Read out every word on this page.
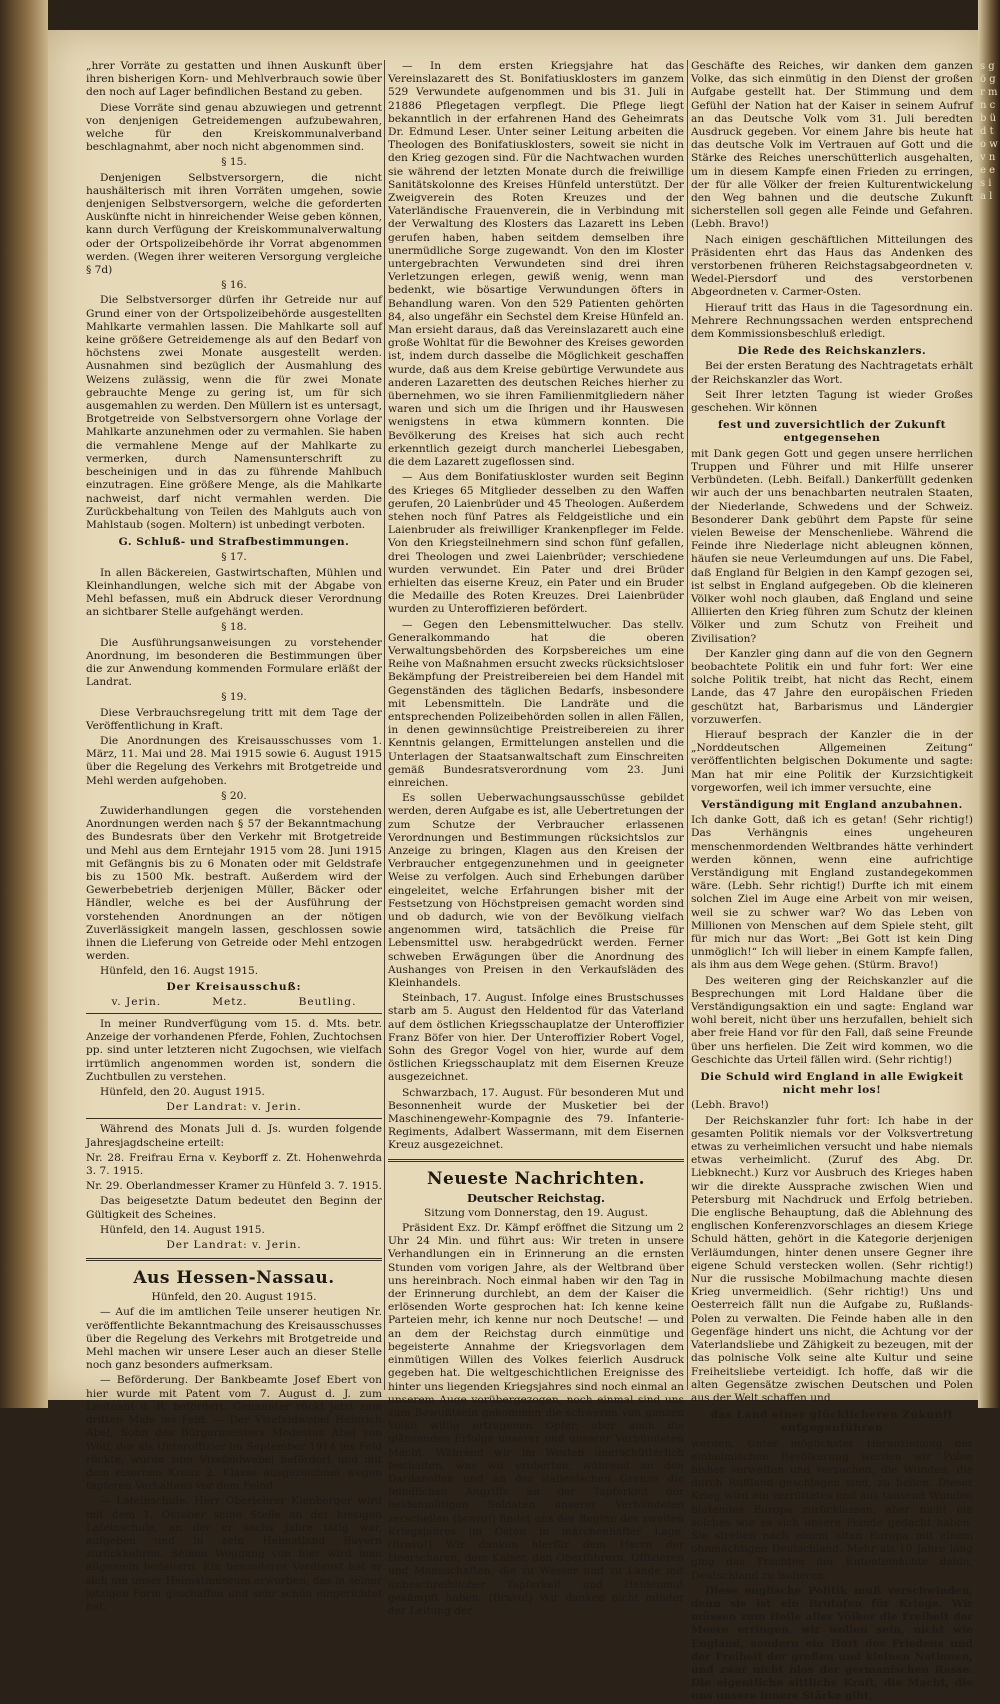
s g ö g r m n c b ü d t o w v n e e s i a l

„hrer Vorräte zu gestatten und ihnen Auskunft über ihren bisherigen Korn- und Mehlverbrauch sowie über den noch auf Lager befindlichen Bestand zu geben.

Diese Vorräte sind genau abzuwiegen und getrennt von denjenigen Getreidemengen aufzubewahren, welche für den Kreiskommunalverband beschlagnahmt, aber noch nicht abgenommen sind.

§ 15.

Denjenigen Selbstversorgern, die nicht haushälterisch mit ihren Vorräten umgehen, sowie denjenigen Selbstversorgern, welche die geforderten Auskünfte nicht in hinreichender Weise geben können, kann durch Verfügung der Kreiskommunalverwaltung oder der Ortspolizeibehörde ihr Vorrat abgenommen werden. (Wegen ihrer weiteren Versorgung vergleiche § 7d)

§ 16.

Die Selbstversorger dürfen ihr Getreide nur auf Grund einer von der Ortspolizeibehörde ausgestellten Mahlkarte vermahlen lassen. Die Mahlkarte soll auf keine größere Getreidemenge als auf den Bedarf von höchstens zwei Monate ausgestellt werden. Ausnahmen sind bezüglich der Ausmahlung des Weizens zulässig, wenn die für zwei Monate gebrauchte Menge zu gering ist, um für sich ausgemahlen zu werden. Den Müllern ist es untersagt, Brotgetreide von Selbstversorgern ohne Vorlage der Mahlkarte anzunehmen oder zu vermahlen. Sie haben die vermahlene Menge auf der Mahlkarte zu vermerken, durch Namensunterschrift zu bescheinigen und in das zu führende Mahlbuch einzutragen. Eine größere Menge, als die Mahlkarte nachweist, darf nicht vermahlen werden. Die Zurückbehaltung von Teilen des Mahlguts auch von Mahlstaub (sogen. Moltern) ist unbedingt verboten.

G. Schluß- und Strafbestimmungen.

§ 17.

In allen Bäckereien, Gastwirtschaften, Mühlen und Kleinhandlungen, welche sich mit der Abgabe von Mehl befassen, muß ein Abdruck dieser Verordnung an sichtbarer Stelle aufgehängt werden.

§ 18.

Die Ausführungsanweisungen zu vorstehender Anordnung, im besonderen die Bestimmungen über die zur Anwendung kommenden Formulare erläßt der Landrat.

§ 19.

Diese Verbrauchsregelung tritt mit dem Tage der Veröffentlichung in Kraft.

Die Anordnungen des Kreisausschusses vom 1. März, 11. Mai und 28. Mai 1915 sowie 6. August 1915 über die Regelung des Verkehrs mit Brotgetreide und Mehl werden aufgehoben.

§ 20.

Zuwiderhandlungen gegen die vorstehenden Anordnungen werden nach § 57 der Bekanntmachung des Bundesrats über den Verkehr mit Brotgetreide und Mehl aus dem Erntejahr 1915 vom 28. Juni 1915 mit Gefängnis bis zu 6 Monaten oder mit Geldstrafe bis zu 1500 Mk. bestraft. Außerdem wird der Gewerbebetrieb derjenigen Müller, Bäcker oder Händler, welche es bei der Ausführung der vorstehenden Anordnungen an der nötigen Zuverlässigkeit mangeln lassen, geschlossen sowie ihnen die Lieferung von Getreide oder Mehl entzogen werden.

Hünfeld, den 16. Augst 1915.

Der Kreisausschuß:
v. Jerin.	Metz.	Beutling.

In meiner Rundverfügung vom 15. d. Mts. betr. Anzeige der vorhandenen Pferde, Fohlen, Zuchtochsen pp. sind unter letzteren nicht Zugochsen, wie vielfach irrtümlich angenommen worden ist, sondern die Zuchtbullen zu verstehen.

Hünfeld, den 20. August 1915.

Der Landrat: v. Jerin.

Während des Monats Juli d. Js. wurden folgende Jahresjagdscheine erteilt:

Nr. 28. Freifrau Erna v. Keyborff z. Zt. Hohenwehrda 3. 7. 1915.

Nr. 29. Oberlandmesser Kramer zu Hünfeld 3. 7. 1915.

Das beigesetzte Datum bedeutet den Beginn der Gültigkeit des Scheines.

Hünfeld, den 14. August 1915.

Der Landrat: v. Jerin.
Aus Hessen-Nassau.

Hünfeld, den 20. August 1915.

— Auf die im amtlichen Teile unserer heutigen Nr. veröffentlichte Bekanntmachung des Kreisausschusses über die Regelung des Verkehrs mit Brotgetreide und Mehl machen wir unsere Leser auch an dieser Stelle noch ganz besonders aufmerksam.

— Beförderung. Der Bankbeamte Josef Ebert von hier wurde mit Patent vom 7. August d. J. zum Leutnant d. R. befördert. Genannter rückt jetzt zum dritten Male ins Feld. — Der Vizefeldwebel Heinrich Abel, Sohn des Bürgermeisters Modestus Abel von Wölf, der als Unteroffizier im September 1914 ins Feld rückte, wurde zum Vizefeldwebel befördert und mit dem eisernen Kreuz 2. Klasse ausgezeichnet wegen tapferen Verhaltens vor dem Feind.

— Lateinschule. Herr Oberlehrer Kienberger wird mit dem 1. Oktober seine Stelle an der hiesigen Lateinschule, an der er sechs Jahre tätig war, aufgeben und in sein Heimatland Bayern zurückkehren. Seinen Weggang von hier wird man allgemein bedauern. Ein besonderes Verdienst hat er sich um unser Heimatmuseum erworben, das in seiner jetzigen Form geschaffen und sehr schön eingerichtet hat.

— In dem ersten Kriegsjahre hat das Vereinslazarett des St. Bonifatiusklosters im ganzem 529 Verwundete aufgenommen und bis 31. Juli in 21886 Pflegetagen verpflegt. Die Pflege liegt bekanntlich in der erfahrenen Hand des Geheimrats Dr. Edmund Leser. Unter seiner Leitung arbeiten die Theologen des Bonifatiusklosters, soweit sie nicht in den Krieg gezogen sind. Für die Nachtwachen wurden sie während der letzten Monate durch die freiwillige Sanitätskolonne des Kreises Hünfeld unterstützt. Der Zweigverein des Roten Kreuzes und der Vaterländische Frauenverein, die in Verbindung mit der Verwaltung des Klosters das Lazarett ins Leben gerufen haben, haben seitdem demselben ihre unermüdliche Sorge zugewandt. Von den im Kloster untergebrachten Verwundeten sind drei ihren Verletzungen erlegen, gewiß wenig, wenn man bedenkt, wie bösartige Verwundungen öfters in Behandlung waren. Von den 529 Patienten gehörten 84, also ungefähr ein Sechstel dem Kreise Hünfeld an. Man ersieht daraus, daß das Vereinslazarett auch eine große Wohltat für die Bewohner des Kreises geworden ist, indem durch dasselbe die Möglichkeit geschaffen wurde, daß aus dem Kreise gebürtige Verwundete aus anderen Lazaretten des deutschen Reiches hierher zu übernehmen, wo sie ihren Familienmitgliedern näher waren und sich um die Ihrigen und ihr Hauswesen wenigstens in etwa kümmern konnten. Die Bevölkerung des Kreises hat sich auch recht erkenntlich gezeigt durch mancherlei Liebesgaben, die dem Lazarett zugeflossen sind.

— Aus dem Bonifatiuskloster wurden seit Beginn des Krieges 65 Mitglieder desselben zu den Waffen gerufen, 20 Laienbrüder und 45 Theologen. Außerdem stehen noch fünf Patres als Feldgeistliche und ein Laienbruder als freiwilliger Krankenpfleger im Felde. Von den Kriegsteilnehmern sind schon fünf gefallen, drei Theologen und zwei Laienbrüder; verschiedene wurden verwundet. Ein Pater und drei Brüder erhielten das eiserne Kreuz, ein Pater und ein Bruder die Medaille des Roten Kreuzes. Drei Laienbrüder wurden zu Unteroffizieren befördert.

— Gegen den Lebensmittelwucher. Das stellv. Generalkommando hat die oberen Verwaltungsbehörden des Korpsbereiches um eine Reihe von Maßnahmen ersucht zwecks rücksichtsloser Bekämpfung der Preistreibereien bei dem Handel mit Gegenständen des täglichen Bedarfs, insbesondere mit Lebensmitteln. Die Landräte und die entsprechenden Polizeibehörden sollen in allen Fällen, in denen gewinnsüchtige Preistreibereien zu ihrer Kenntnis gelangen, Ermittelungen anstellen und die Unterlagen der Staatsanwaltschaft zum Einschreiten gemäß Bundesratsverordnung vom 23. Juni einreichen.

Es sollen Ueberwachungsausschüsse gebildet werden, deren Aufgabe es ist, alle Uebertretungen der zum Schutze der Verbraucher erlassenen Verordnungen und Bestimmungen rücksichtslos zur Anzeige zu bringen, Klagen aus den Kreisen der Verbraucher entgegenzunehmen und in geeigneter Weise zu verfolgen. Auch sind Erhebungen darüber eingeleitet, welche Erfahrungen bisher mit der Festsetzung von Höchstpreisen gemacht worden sind und ob dadurch, wie von der Bevölkung vielfach angenommen wird, tatsächlich die Preise für Lebensmittel usw. herabgedrückt werden. Ferner schweben Erwägungen über die Anordnung des Aushanges von Preisen in den Verkaufsläden des Kleinhandels.

Steinbach, 17. August. Infolge eines Brustschusses starb am 5. August den Heldentod für das Vaterland auf dem östlichen Kriegsschauplatze der Unteroffizier Franz Böfer von hier. Der Unteroffizier Robert Vogel, Sohn des Gregor Vogel von hier, wurde auf dem östlichen Kriegsschauplatz mit dem Eisernen Kreuze ausgezeichnet.

Schwarzbach, 17. August. Für besonderen Mut und Besonnenheit wurde der Musketier bei der Maschinengewehr-Kompagnie des 79. Infanterie-Regiments, Adalbert Wassermann, mit dem Eisernen Kreuz ausgezeichnet.

Neueste Nachrichten.
Deutscher Reichstag.

Sitzung vom Donnerstag, den 19. August.

Präsident Exz. Dr. Kämpf eröffnet die Sitzung um 2 Uhr 24 Min. und führt aus: Wir treten in unsere Verhandlungen ein in Erinnerung an die ernsten Stunden vom vorigen Jahre, als der Weltbrand über uns hereinbrach. Noch einmal haben wir den Tag in der Erinnerung durchlebt, an dem der Kaiser die erlösenden Worte gesprochen hat: Ich kenne keine Parteien mehr, ich kenne nur noch Deutsche! — und an dem der Reichstag durch einmütige und begeisterte Annahme der Kriegsvorlagen dem einmütigen Willen des Volkes feierlich Ausdruck gegeben hat. Die weltgeschichtlichen Ereignisse des hinter uns liegenden Kriegsjahres sind noch einmal an unserem Auge vorübergezogen, noch einmal sind uns zum Bewußtsein gekommen die schweren von ganzen Volke willig ertragenen Opfer, aber auch die glänzenden Erfolge unserer und unserer Verbündeten Macht. Während wir im Westen unerschütterlich festhalten, was wir eroberten, während an den Dardanellen und an der italienischen Grenze die feindlichen Angriffe an der Tapferkeit der heldenmütigen Soldaten unserer Verbündeten zerschellen (bravo!) findet uns der Beginn des zweiten Kriegsjahres im Osten in märchenhafter Lage. (Bravo!) Wir danken hierfür dem Herrn der Heerscharen, dem Kaiser, den Oberführern, Offizieren und Mannschaften, die zu Wasser und zu Lande mit unbeschreiblicher Tapferkeit und Heldenmut gekämpft haben. (Bravo!) Wir danken nicht minder der Leitung der

Geschäfte des Reiches, wir danken dem ganzen Volke, das sich einmütig in den Dienst der großen Aufgabe gestellt hat. Der Stimmung und dem Gefühl der Nation hat der Kaiser in seinem Aufruf an das Deutsche Volk vom 31. Juli beredten Ausdruck gegeben. Vor einem Jahre bis heute hat das deutsche Volk im Vertrauen auf Gott und die Stärke des Reiches unerschütterlich ausgehalten, um in diesem Kampfe einen Frieden zu erringen, der für alle Völker der freien Kulturentwickelung den Weg bahnen und die deutsche Zukunft sicherstellen soll gegen alle Feinde und Gefahren. (Lebh. Bravo!)

Nach einigen geschäftlichen Mitteilungen des Präsidenten ehrt das Haus das Andenken des verstorbenen früheren Reichstagsabgeordneten v. Wedel-Piersdorf und des verstorbenen Abgeordneten v. Carmer-Osten.

Hierauf tritt das Haus in die Tagesordnung ein. Mehrere Rechnungssachen werden entsprechend dem Kommissionsbeschluß erledigt.

Die Rede des Reichskanzlers.

Bei der ersten Beratung des Nachtragetats erhält der Reichskanzler das Wort.

Seit Ihrer letzten Tagung ist wieder Großes geschehen. Wir können

fest und zuversichtlich der Zukunft entgegensehen

mit Dank gegen Gott und gegen unsere herrlichen Truppen und Führer und mit Hilfe unserer Verbündeten. (Lebh. Beifall.) Dankerfüllt gedenken wir auch der uns benachbarten neutralen Staaten, der Niederlande, Schwedens und der Schweiz. Besonderer Dank gebührt dem Papste für seine vielen Beweise der Menschenliebe. Während die Feinde ihre Niederlage nicht ableugnen können, häufen sie neue Verleumdungen auf uns. Die Fabel, daß England für Belgien in den Kampf gezogen sei, ist selbst in England aufgegeben. Ob die kleineren Völker wohl noch glauben, daß England und seine Alliierten den Krieg führen zum Schutz der kleinen Völker und zum Schutz von Freiheit und Zivilisation?

Der Kanzler ging dann auf die von den Gegnern beobachtete Politik ein und fuhr fort: Wer eine solche Politik treibt, hat nicht das Recht, einem Lande, das 47 Jahre den europäischen Frieden geschützt hat, Barbarismus und Ländergier vorzuwerfen.

Hierauf besprach der Kanzler die in der „Norddeutschen Allgemeinen Zeitung“ veröffentlichten belgischen Dokumente und sagte: Man hat mir eine Politik der Kurzsichtigkeit vorgeworfen, weil ich immer versuchte, eine

Verständigung mit England anzubahnen.

Ich danke Gott, daß ich es getan! (Sehr richtig!) Das Verhängnis eines ungeheuren menschenmordenden Weltbrandes hätte verhindert werden können, wenn eine aufrichtige Verständigung mit England zustandegekommen wäre. (Lebh. Sehr richtig!) Durfte ich mit einem solchen Ziel im Auge eine Arbeit von mir weisen, weil sie zu schwer war? Wo das Leben von Millionen von Menschen auf dem Spiele steht, gilt für mich nur das Wort: „Bei Gott ist kein Ding unmöglich!“ Ich will lieber in einem Kampfe fallen, als ihm aus dem Wege gehen. (Stürm. Bravo!)

Des weiteren ging der Reichskanzler auf die Besprechungen mit Lord Haldane über die Verständigungsaktion ein und sagte: England war wohl bereit, nicht über uns herzufallen, behielt sich aber freie Hand vor für den Fall, daß seine Freunde über uns herfielen. Die Zeit wird kommen, wo die Geschichte das Urteil fällen wird. (Sehr richtig!)

Die Schuld wird England in alle Ewigkeit nicht mehr los!

(Lebh. Bravo!)

Der Reichskanzler fuhr fort: Ich habe in der gesamten Politik niemals vor der Volksvertretung etwas zu verheimlichen versucht und habe niemals etwas verheimlicht. (Zuruf des Abg. Dr. Liebknecht.) Kurz vor Ausbruch des Krieges haben wir die direkte Aussprache zwischen Wien und Petersburg mit Nachdruck und Erfolg betrieben. Die englische Behauptung, daß die Ablehnung des englischen Konferenzvorschlages an diesem Kriege Schuld hätten, gehört in die Kategorie derjenigen Verläumdungen, hinter denen unsere Gegner ihre eigene Schuld verstecken wollen. (Sehr richtig!) Nur die russische Mobilmachung machte diesen Krieg unvermeidlich. (Sehr richtig!) Uns und Oesterreich fällt nun die Aufgabe zu, Rußlands-Polen zu verwalten. Die Feinde haben alle in den Gegenfäge hindert uns nicht, die Achtung vor der Vaterlandsliebe und Zähigkeit zu bezeugen, mit der das polnische Volk seine alte Kultur und seine Freiheitsliebe verteidigt. Ich hoffe, daß wir die alten Gegensätze zwischen Deutschen und Polen aus der Welt schaffen und

das Land einer glücklicheren Zukunft entgegenführen

werden. Unter möglichster Heranziehung der einheimischen Bevölkerung werden wir Polen bisher verwalten und versuchen, die Wunden, die durch Rußland geschlagen sind, zu heilen. Dieser Krieg wird ein zerrüttetes und aus tausend Wunden blutendes Europa zurücklassen, aber nicht ein solches wie es sich unsere Feinde gedacht haben. Sie streben nach einem alten Europa mit einem ohnmächtigen Deutschland. Mehr als 10 Jahre lang ging das Trachten der Ententemächte dahin, Deutschland zu isolieren.

Diese englische Politik muß verschwinden, denn sie ist ein Brutofen für Kriege. Wir müssen zum Heile aller Völker die Freiheit der Meere erringen, wir wollen sein, nicht wie England, sondern ein Hort des Friedens und der Freiheit der großen und kleinen Nationen, und zwar nicht blos der germanischen Rasse. Die eigentliche sittliche Kraft, die Macht, die uns unsere innere Stärke gibt,
